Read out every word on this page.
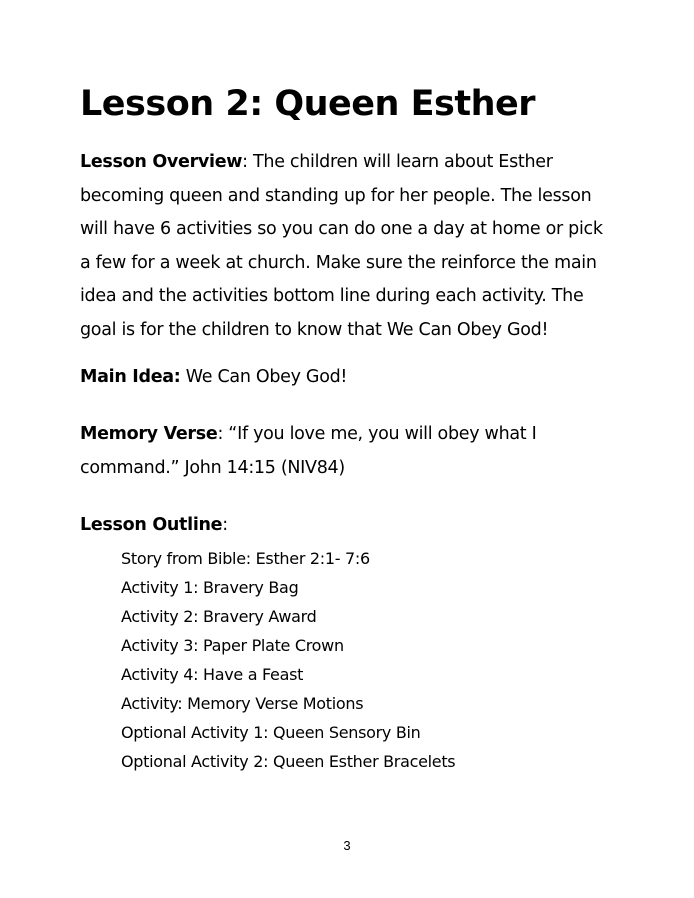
Lesson 2: Queen Esther

Lesson Overview: The children will learn about Esther becoming queen and standing up for her people. The lesson will have 6 activities so you can do one a day at home or pick a few for a week at church. Make sure the reinforce the main idea and the activities bottom line during each activity. The goal is for the children to know that We Can Obey God!

Main Idea: We Can Obey God!

Memory Verse: “If you love me, you will obey what I command.” John 14:15 (NIV84)

Lesson Outline:

Story from Bible: Esther 2:1- 7:6
Activity 1: Bravery Bag
Activity 2: Bravery Award
Activity 3: Paper Plate Crown
Activity 4: Have a Feast
Activity: Memory Verse Motions
Optional Activity 1: Queen Sensory Bin
Optional Activity 2: Queen Esther Bracelets
3
